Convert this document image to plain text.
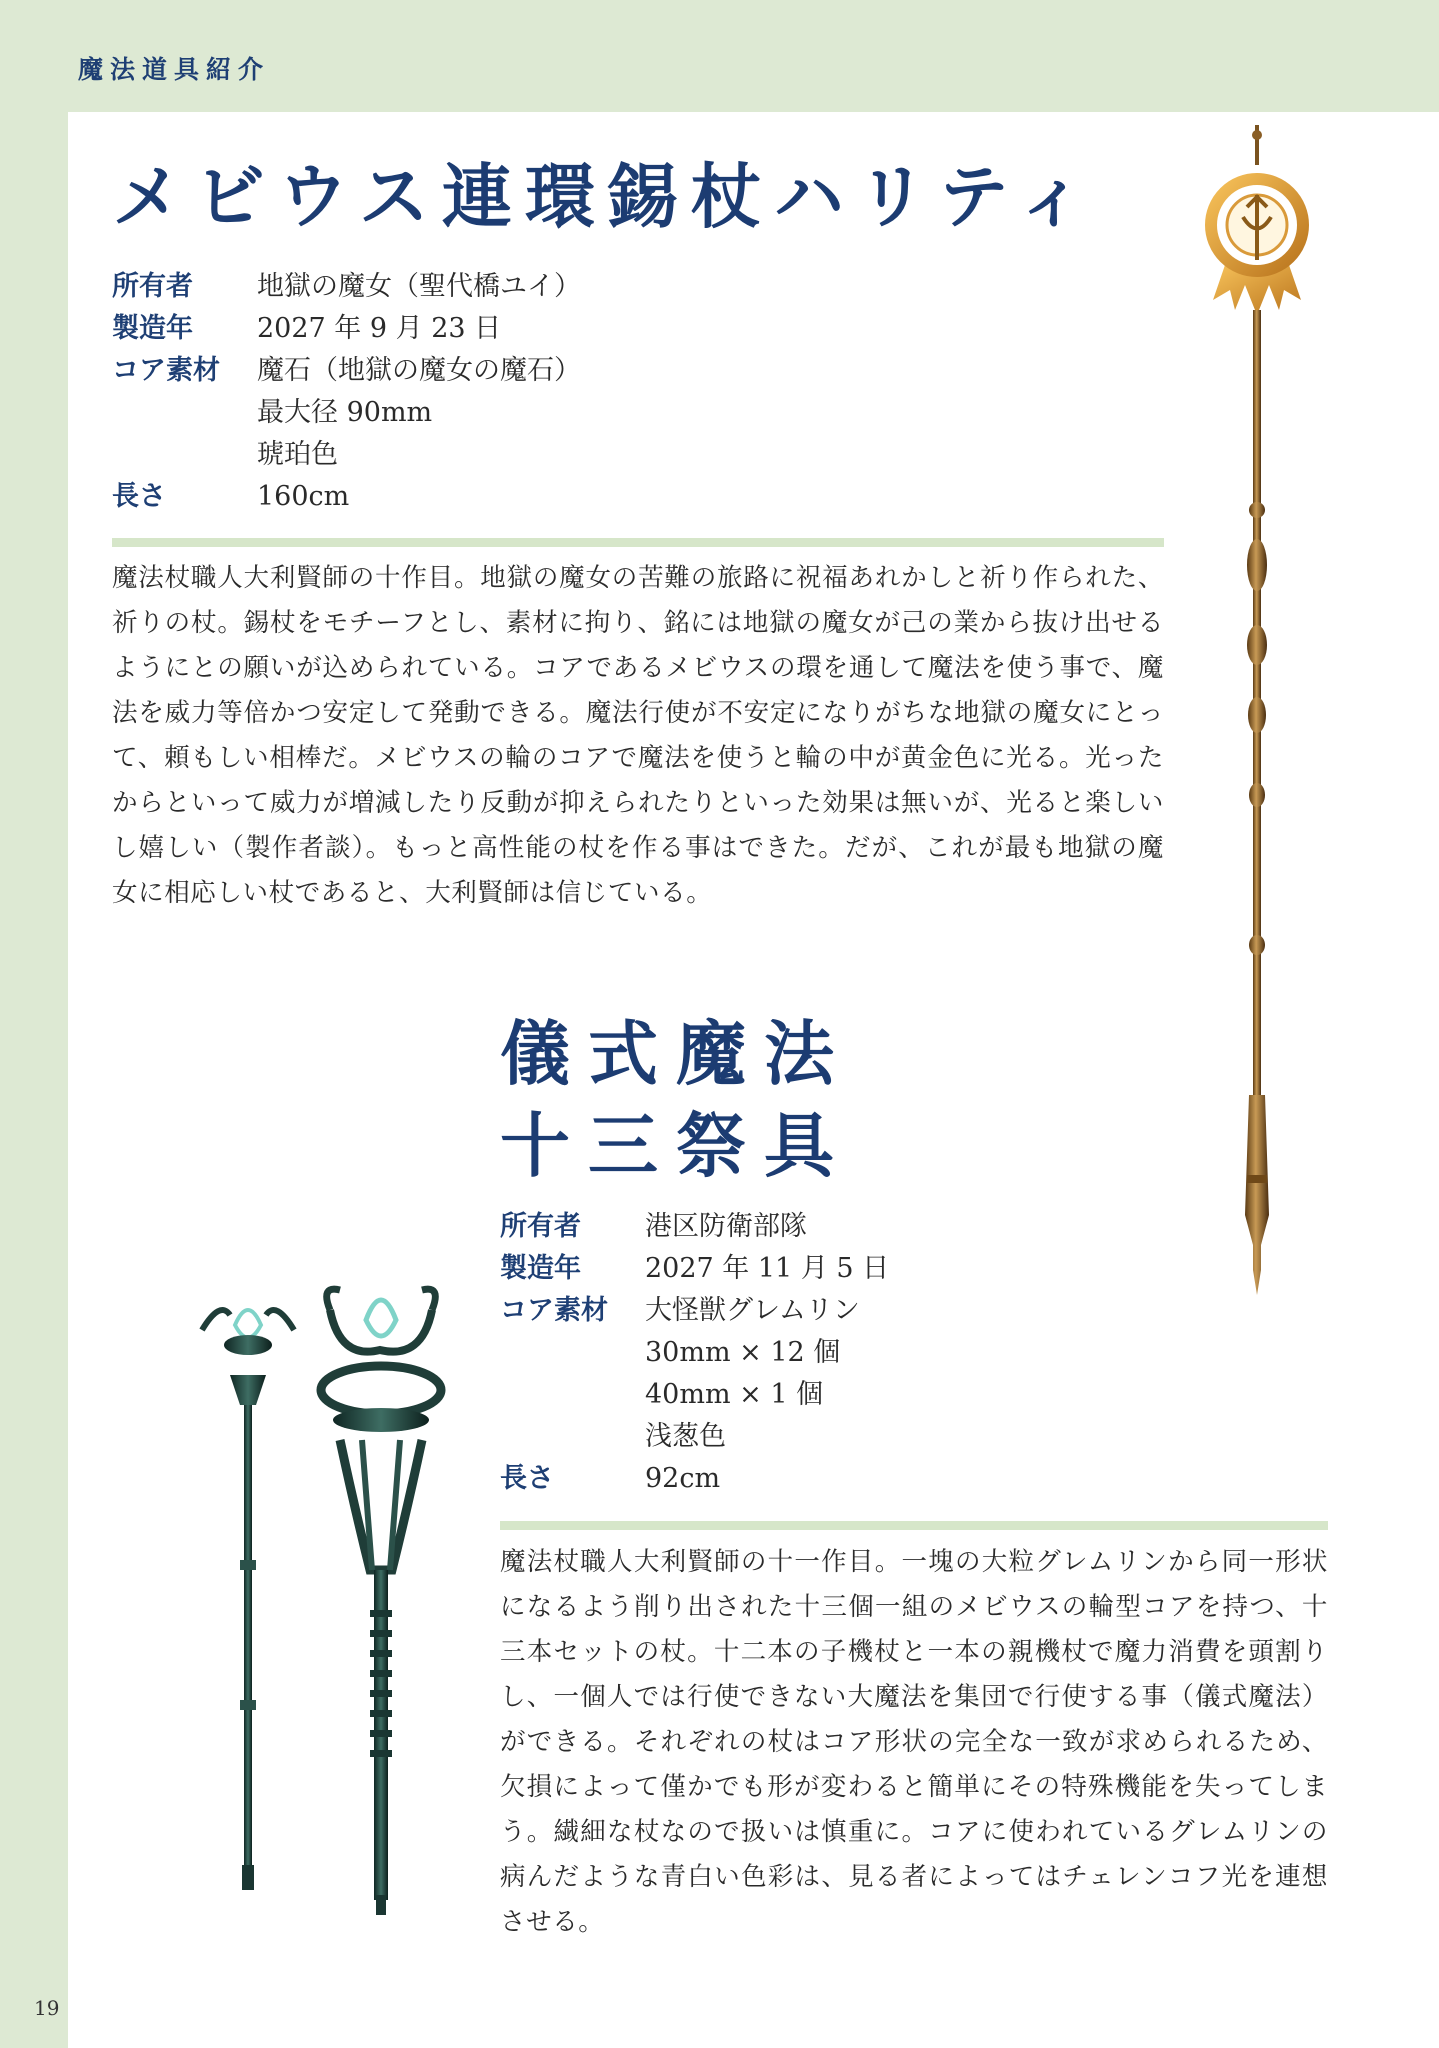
魔法道具紹介
メビウス連環錫杖ハリティ
所有者	地獄の魔女（聖代橋ユイ）
製造年	2027 年 9 月 23 日
コア素材	魔石（地獄の魔女の魔石）
最大径 90mm
琥珀色
長さ	160cm
魔法杖職人大利賢師の十作目。地獄の魔女の苦難の旅路に祝福あれかしと祈り作られた、祈りの杖。錫杖をモチーフとし、素材に拘り、銘には地獄の魔女が己の業から抜け出せるようにとの願いが込められている。コアであるメビウスの環を通して魔法を使う事で、魔法を威力等倍かつ安定して発動できる。魔法行使が不安定になりがちな地獄の魔女にとって、頼もしい相棒だ。メビウスの輪のコアで魔法を使うと輪の中が黄金色に光る。光ったからといって威力が増減したり反動が抑えられたりといった効果は無いが、光ると楽しいし嬉しい（製作者談）。もっと高性能の杖を作る事はできた。だが、これが最も地獄の魔女に相応しい杖であると、大利賢師は信じている。
儀式魔法
十三祭具
所有者	港区防衛部隊
製造年	2027 年 11 月 5 日
コア素材	大怪獣グレムリン
30mm × 12 個
40mm × 1 個
浅葱色
長さ	92cm
魔法杖職人大利賢師の十一作目。一塊の大粒グレムリンから同一形状になるよう削り出された十三個一組のメビウスの輪型コアを持つ、十三本セットの杖。十二本の子機杖と一本の親機杖で魔力消費を頭割りし、一個人では行使できない大魔法を集団で行使する事（儀式魔法）ができる。それぞれの杖はコア形状の完全な一致が求められるため、欠損によって僅かでも形が変わると簡単にその特殊機能を失ってしまう。繊細な杖なので扱いは慎重に。コアに使われているグレムリンの病んだような青白い色彩は、見る者によってはチェレンコフ光を連想させる。
19
